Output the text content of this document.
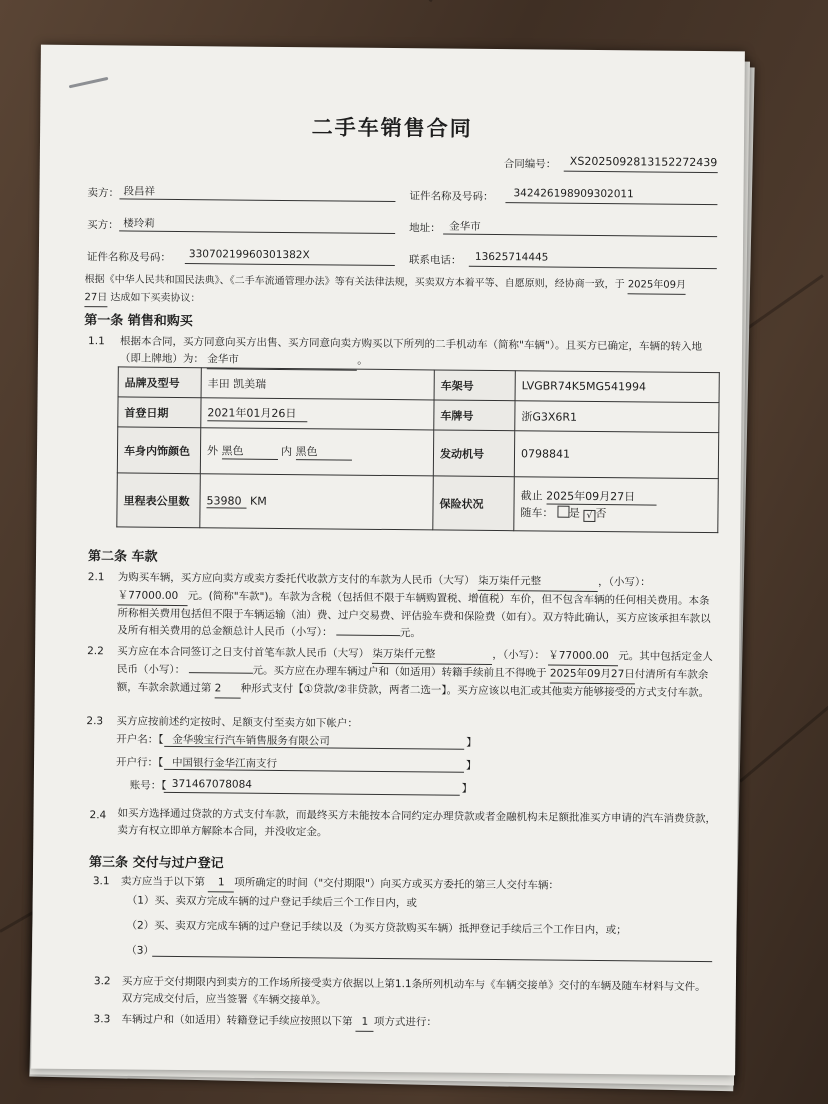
二手车销售合同
合同编号： XS2025092813152272439
卖方： 段昌祥	证件名称及号码： 342426198909302011
买方： 楼玲莉	地址： 金华市
证件名称及号码： 33070219960301382X	联系电话： 13625714445
根据《中华人民共和国民法典》、《二手车流通管理办法》等有关法律法规，买卖双方本着平等、自愿原则，经协商一致，于 2025年09月
27日 达成如下买卖协议：
第一条 销售和购买
1.1 根据本合同，买方同意向买方出售、买方同意向卖方购买以下所列的二手机动车（简称"车辆"）。且买方已确定，车辆的转入地（即上牌地）为： 金华市	。
品牌及型号	丰田 凯美瑞	车架号	LVGBR74K5MG541994
首登日期	2021年01月26日	车牌号	浙G3X6R1
车身内饰颜色	外 黑色 内 黑色	发动机号	0798841
里程表公里数	53980 KM	保险状况	截止 2025年09月27日
随车： 是 √ 否
第二条 车款
2.1 为购买车辆，买方应向卖方或卖方委托代收款方支付的车款为人民币（大写） 柒万柒仟元整	，（小写）： ￥77000.00 元。(简称"车款")。车款为含税（包括但不限于车辆购置税、增值税）车价，但不包含车辆的任何相关费用。本条所称相关费用包括但不限于车辆运输（油）费、过户交易费、评估验车费和保险费（如有）。双方特此确认，买方应该承担车款以及所有相关费用的总金额总计人民币（小写）：	元。
2.2 买方应在本合同签订之日支付首笔车款人民币（大写） 柒万柒仟元整	，（小写）： ￥77000.00 元。其中包括定金人民币（小写）：	元。买方应在办理车辆过户和（如适用）转籍手续前且不得晚于 2025年09月27日付清所有车款余额，车款余款通过第 2 种形式支付【①贷款/②非贷款，两者二选一】。买方应该以电汇或其他卖方能够接受的方式支付车款。
2.3 买方应按前述约定按时、足额支付至卖方如下帐户：
开户名：【 金华骏宝行汽车销售服务有限公司	】
开户行：【 中国银行金华江南支行	】
账号：【 371467078084	】
2.4 如买方选择通过贷款的方式支付车款，而最终买方未能按本合同约定办理贷款或者金融机构未足额批准买方申请的汽车消费贷款，卖方有权立即单方解除本合同，并没收定金。
第三条 交付与过户登记
3.1 卖方应当于以下第 1 项所确定的时间（"交付期限"）向买方或买方委托的第三人交付车辆：
（1）买、卖双方完成车辆的过户登记手续后三个工作日内，或
（2）买、卖双方完成车辆的过户登记手续以及（为买方贷款购买车辆）抵押登记手续后三个工作日内，或；
（3）
3.2 买方应于交付期限内到卖方的工作场所接受卖方依据以上第1.1条所列机动车与《车辆交接单》交付的车辆及随车材料与文件。双方完成交付后，应当签署《车辆交接单》。
3.3 车辆过户和（如适用）转籍登记手续应按照以下第 1 项方式进行：
